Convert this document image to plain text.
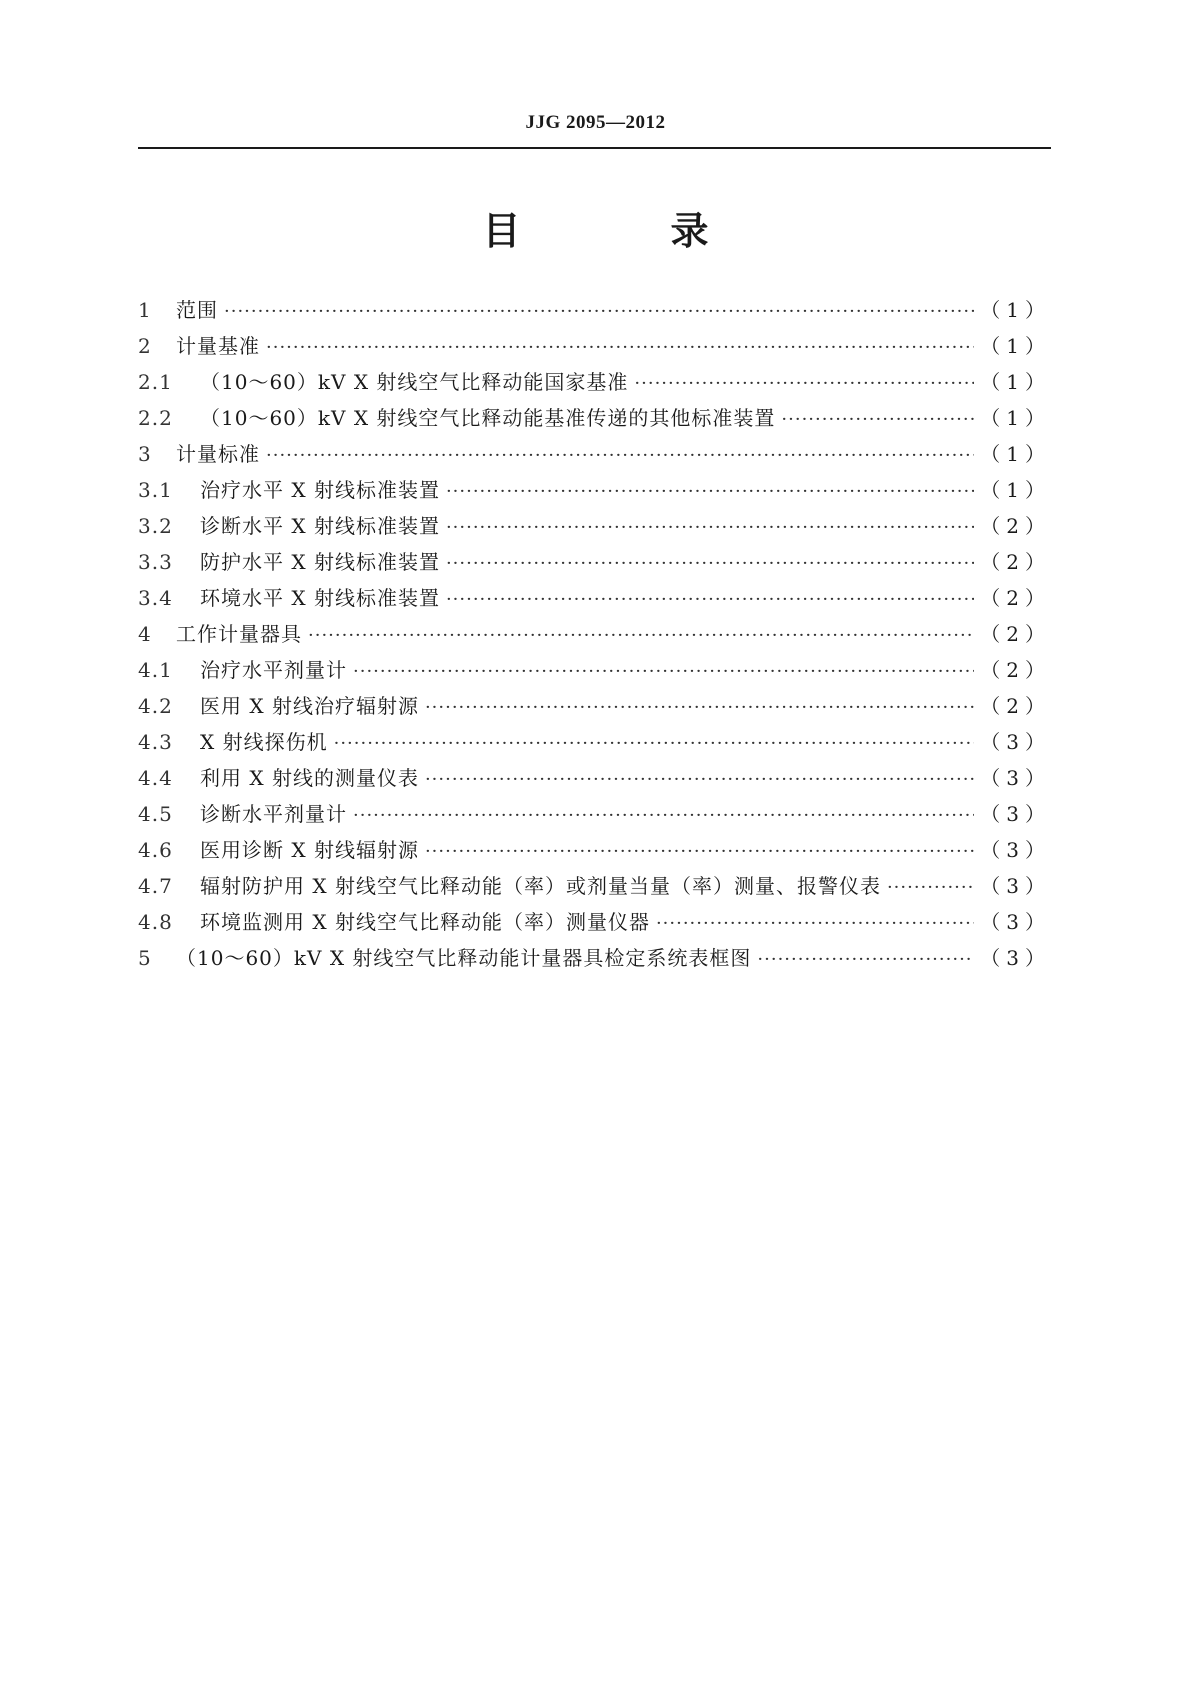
JJG 2095—2012
目　录
1	范围 ·····	（1）
2	计量基准 ·····	（1）
2.1	（10～60）kV X 射线空气比释动能国家基准 ·····	（1）
2.2	（10～60）kV X 射线空气比释动能基准传递的其他标准装置 ·····	（1）
3	计量标准 ·····	（1）
3.1	治疗水平 X 射线标准装置 ·····	（1）
3.2	诊断水平 X 射线标准装置 ·····	（2）
3.3	防护水平 X 射线标准装置 ·····	（2）
3.4	环境水平 X 射线标准装置 ·····	（2）
4	工作计量器具 ·····	（2）
4.1	治疗水平剂量计 ·····	（2）
4.2	医用 X 射线治疗辐射源 ·····	（2）
4.3	X 射线探伤机 ·····	（3）
4.4	利用 X 射线的测量仪表 ·····	（3）
4.5	诊断水平剂量计 ·····	（3）
4.6	医用诊断 X 射线辐射源 ·····	（3）
4.7	辐射防护用 X 射线空气比释动能（率）或剂量当量（率）测量、报警仪表 ·····	（3）
4.8	环境监测用 X 射线空气比释动能（率）测量仪器 ·····	（3）
5	（10～60）kV X 射线空气比释动能计量器具检定系统表框图 ·····	（3）
